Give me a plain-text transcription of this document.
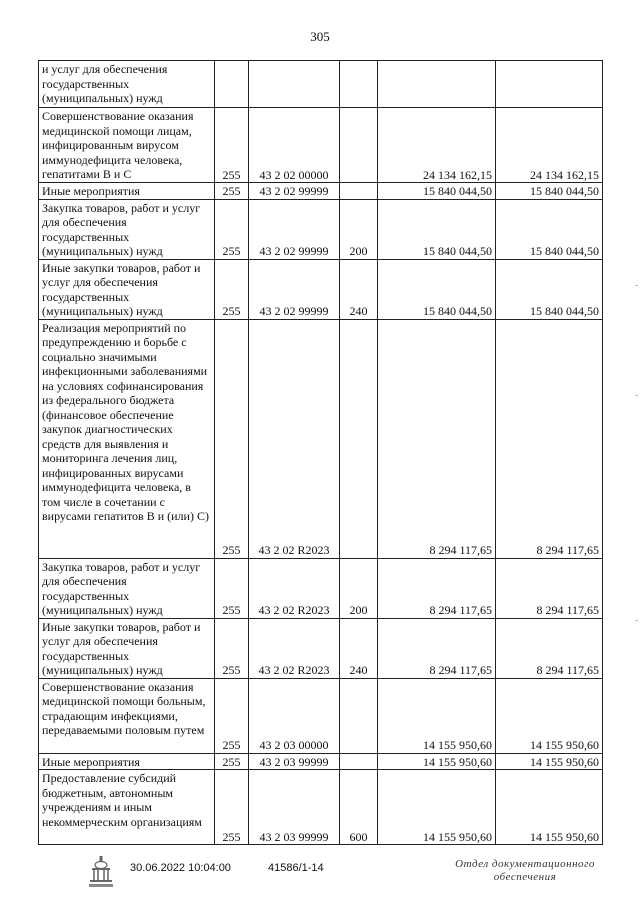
305
и услуг для обеспечения государственных (муниципальных) нужд					
Совершенствование оказания медицинской помощи лицам, инфицированным вирусом иммунодефицита человека, гепатитами В и С	255	43 2 02 00000		24 134 162,15	24 134 162,15
Иные мероприятия	255	43 2 02 99999		15 840 044,50	15 840 044,50
Закупка товаров, работ и услуг для обеспечения государственных (муниципальных) нужд	255	43 2 02 99999	200	15 840 044,50	15 840 044,50
Иные закупки товаров, работ и услуг для обеспечения государственных (муниципальных) нужд	255	43 2 02 99999	240	15 840 044,50	15 840 044,50
Реализация мероприятий по предупреждению и борьбе с социально значимыми инфекционными заболеваниями на условиях софинансирования из федерального бюджета (финансовое обеспечение закупок диагностических средств для выявления и мониторинга лечения лиц, инфицированных вирусами иммунодефицита человека, в том числе в сочетании с вирусами гепатитов В и (или) С)	255	43 2 02 R2023		8 294 117,65	8 294 117,65
Закупка товаров, работ и услуг для обеспечения государственных (муниципальных) нужд	255	43 2 02 R2023	200	8 294 117,65	8 294 117,65
Иные закупки товаров, работ и услуг для обеспечения государственных (муниципальных) нужд	255	43 2 02 R2023	240	8 294 117,65	8 294 117,65
Совершенствование оказания медицинской помощи больным, страдающим инфекциями, передаваемыми половым путем	255	43 2 03 00000		14 155 950,60	14 155 950,60
Иные мероприятия	255	43 2 03 99999		14 155 950,60	14 155 950,60
Предоставление субсидий бюджетным, автономным учреждениям и иным некоммерческим организациям	255	43 2 03 99999	600	14 155 950,60	14 155 950,60
30.06.2022 10:04:00	41586/1-14	Отдел документационного обеспечения
